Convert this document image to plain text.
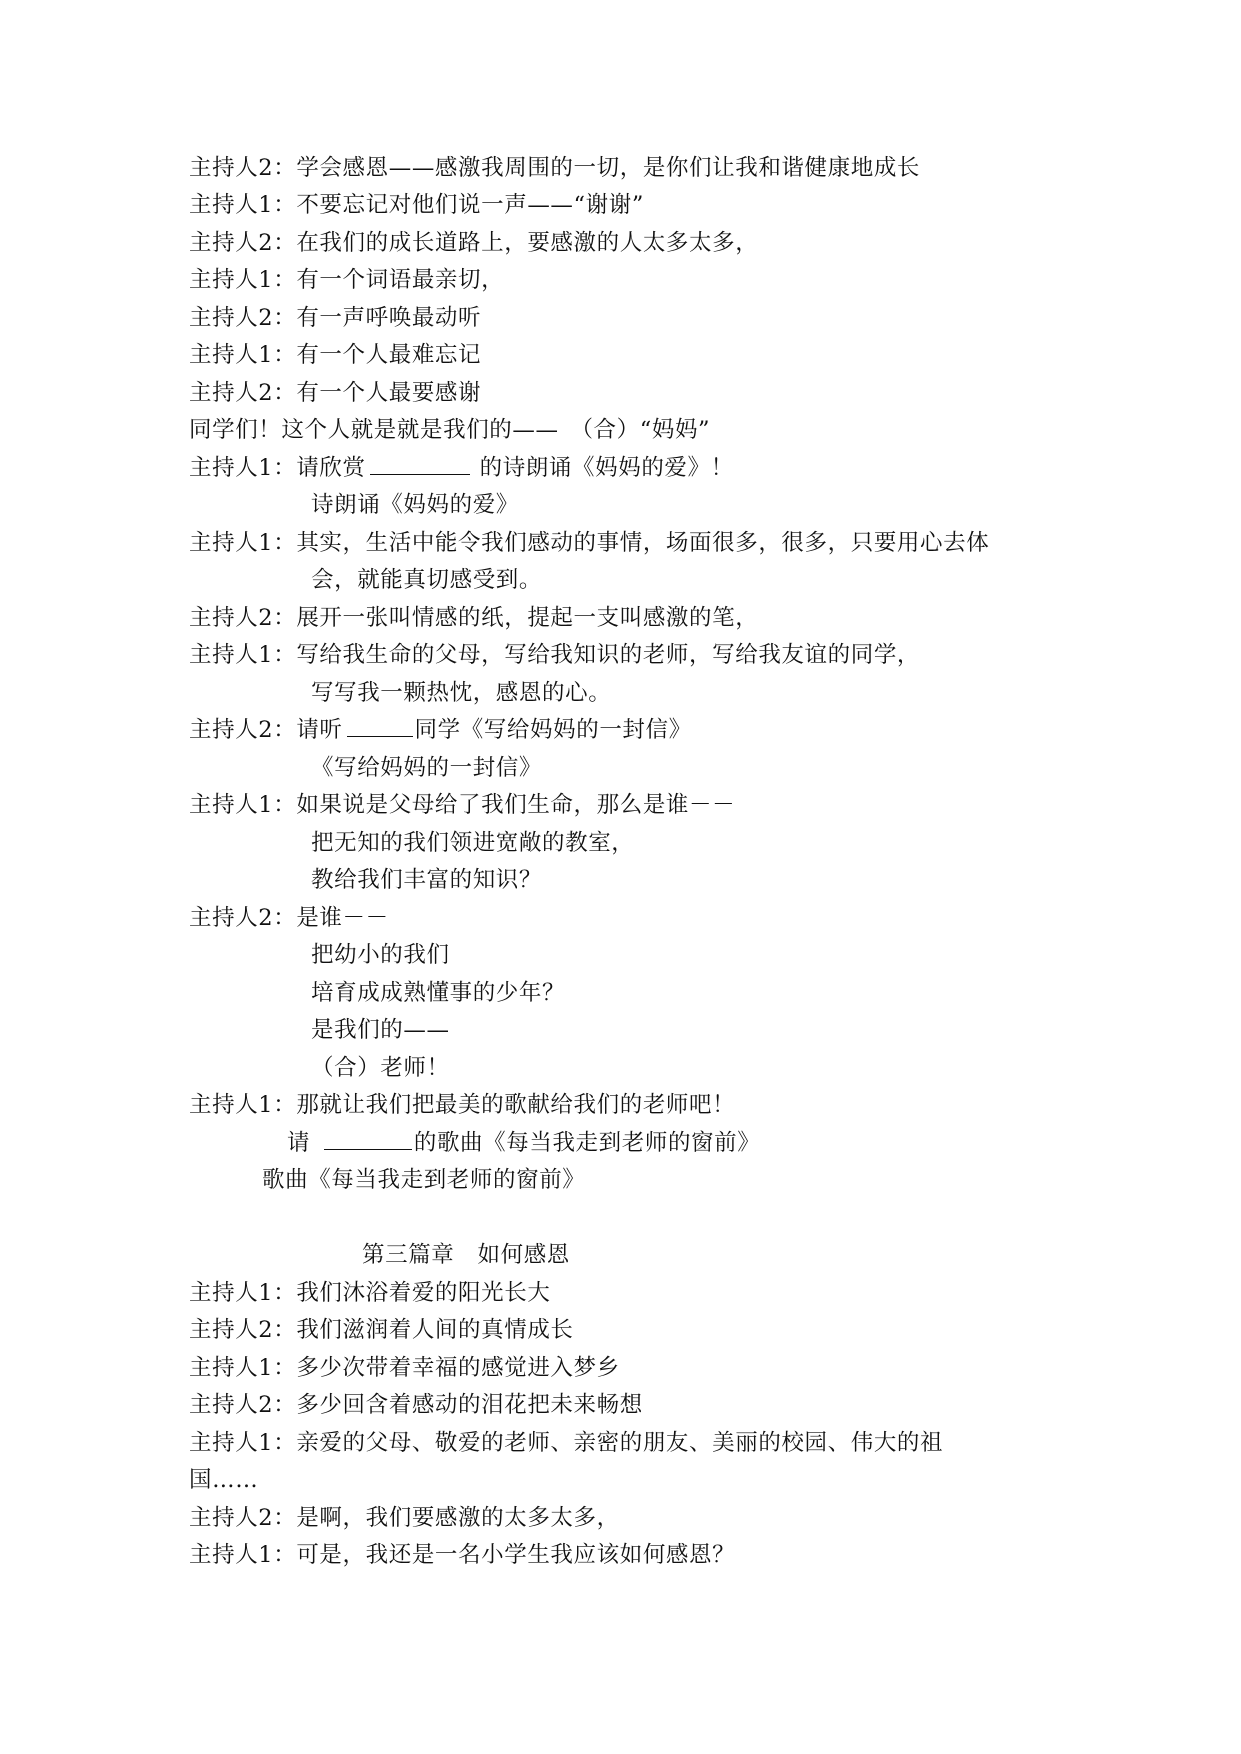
主持人2：学会感恩——感激我周围的一切，是你们让我和谐健康地成长
主持人1：不要忘记对他们说一声——“谢谢”
主持人2：在我们的成长道路上，要感激的人太多太多，
主持人1：有一个词语最亲切，
主持人2：有一声呼唤最动听
主持人1：有一个人最难忘记
主持人2：有一个人最要感谢
同学们！这个人就是就是我们的——　（合）“妈妈”
主持人1：请欣赏	的诗朗诵《妈妈的爱》！
诗朗诵《妈妈的爱》
主持人1：其实，生活中能令我们感动的事情，场面很多，很多，只要用心去体
会，就能真切感受到。
主持人2：展开一张叫情感的纸，提起一支叫感激的笔，
主持人1：写给我生命的父母，写给我知识的老师，写给我友谊的同学，
写写我一颗热忱，感恩的心。
主持人2：请听	同学《写给妈妈的一封信》
《写给妈妈的一封信》
主持人1：如果说是父母给了我们生命，那么是谁－－
把无知的我们领进宽敞的教室，
教给我们丰富的知识？
主持人2：是谁－－
把幼小的我们
培育成成熟懂事的少年？
是我们的——
（合）老师！
主持人1：那就让我们把最美的歌献给我们的老师吧！
请	的歌曲《每当我走到老师的窗前》
歌曲《每当我走到老师的窗前》
第三篇章　如何感恩
主持人1：我们沐浴着爱的阳光长大
主持人2：我们滋润着人间的真情成长
主持人1：多少次带着幸福的感觉进入梦乡
主持人2：多少回含着感动的泪花把未来畅想
主持人1：亲爱的父母、敬爱的老师、亲密的朋友、美丽的校园、伟大的祖
国……
主持人2：是啊，我们要感激的太多太多，
主持人1：可是，我还是一名小学生我应该如何感恩？
